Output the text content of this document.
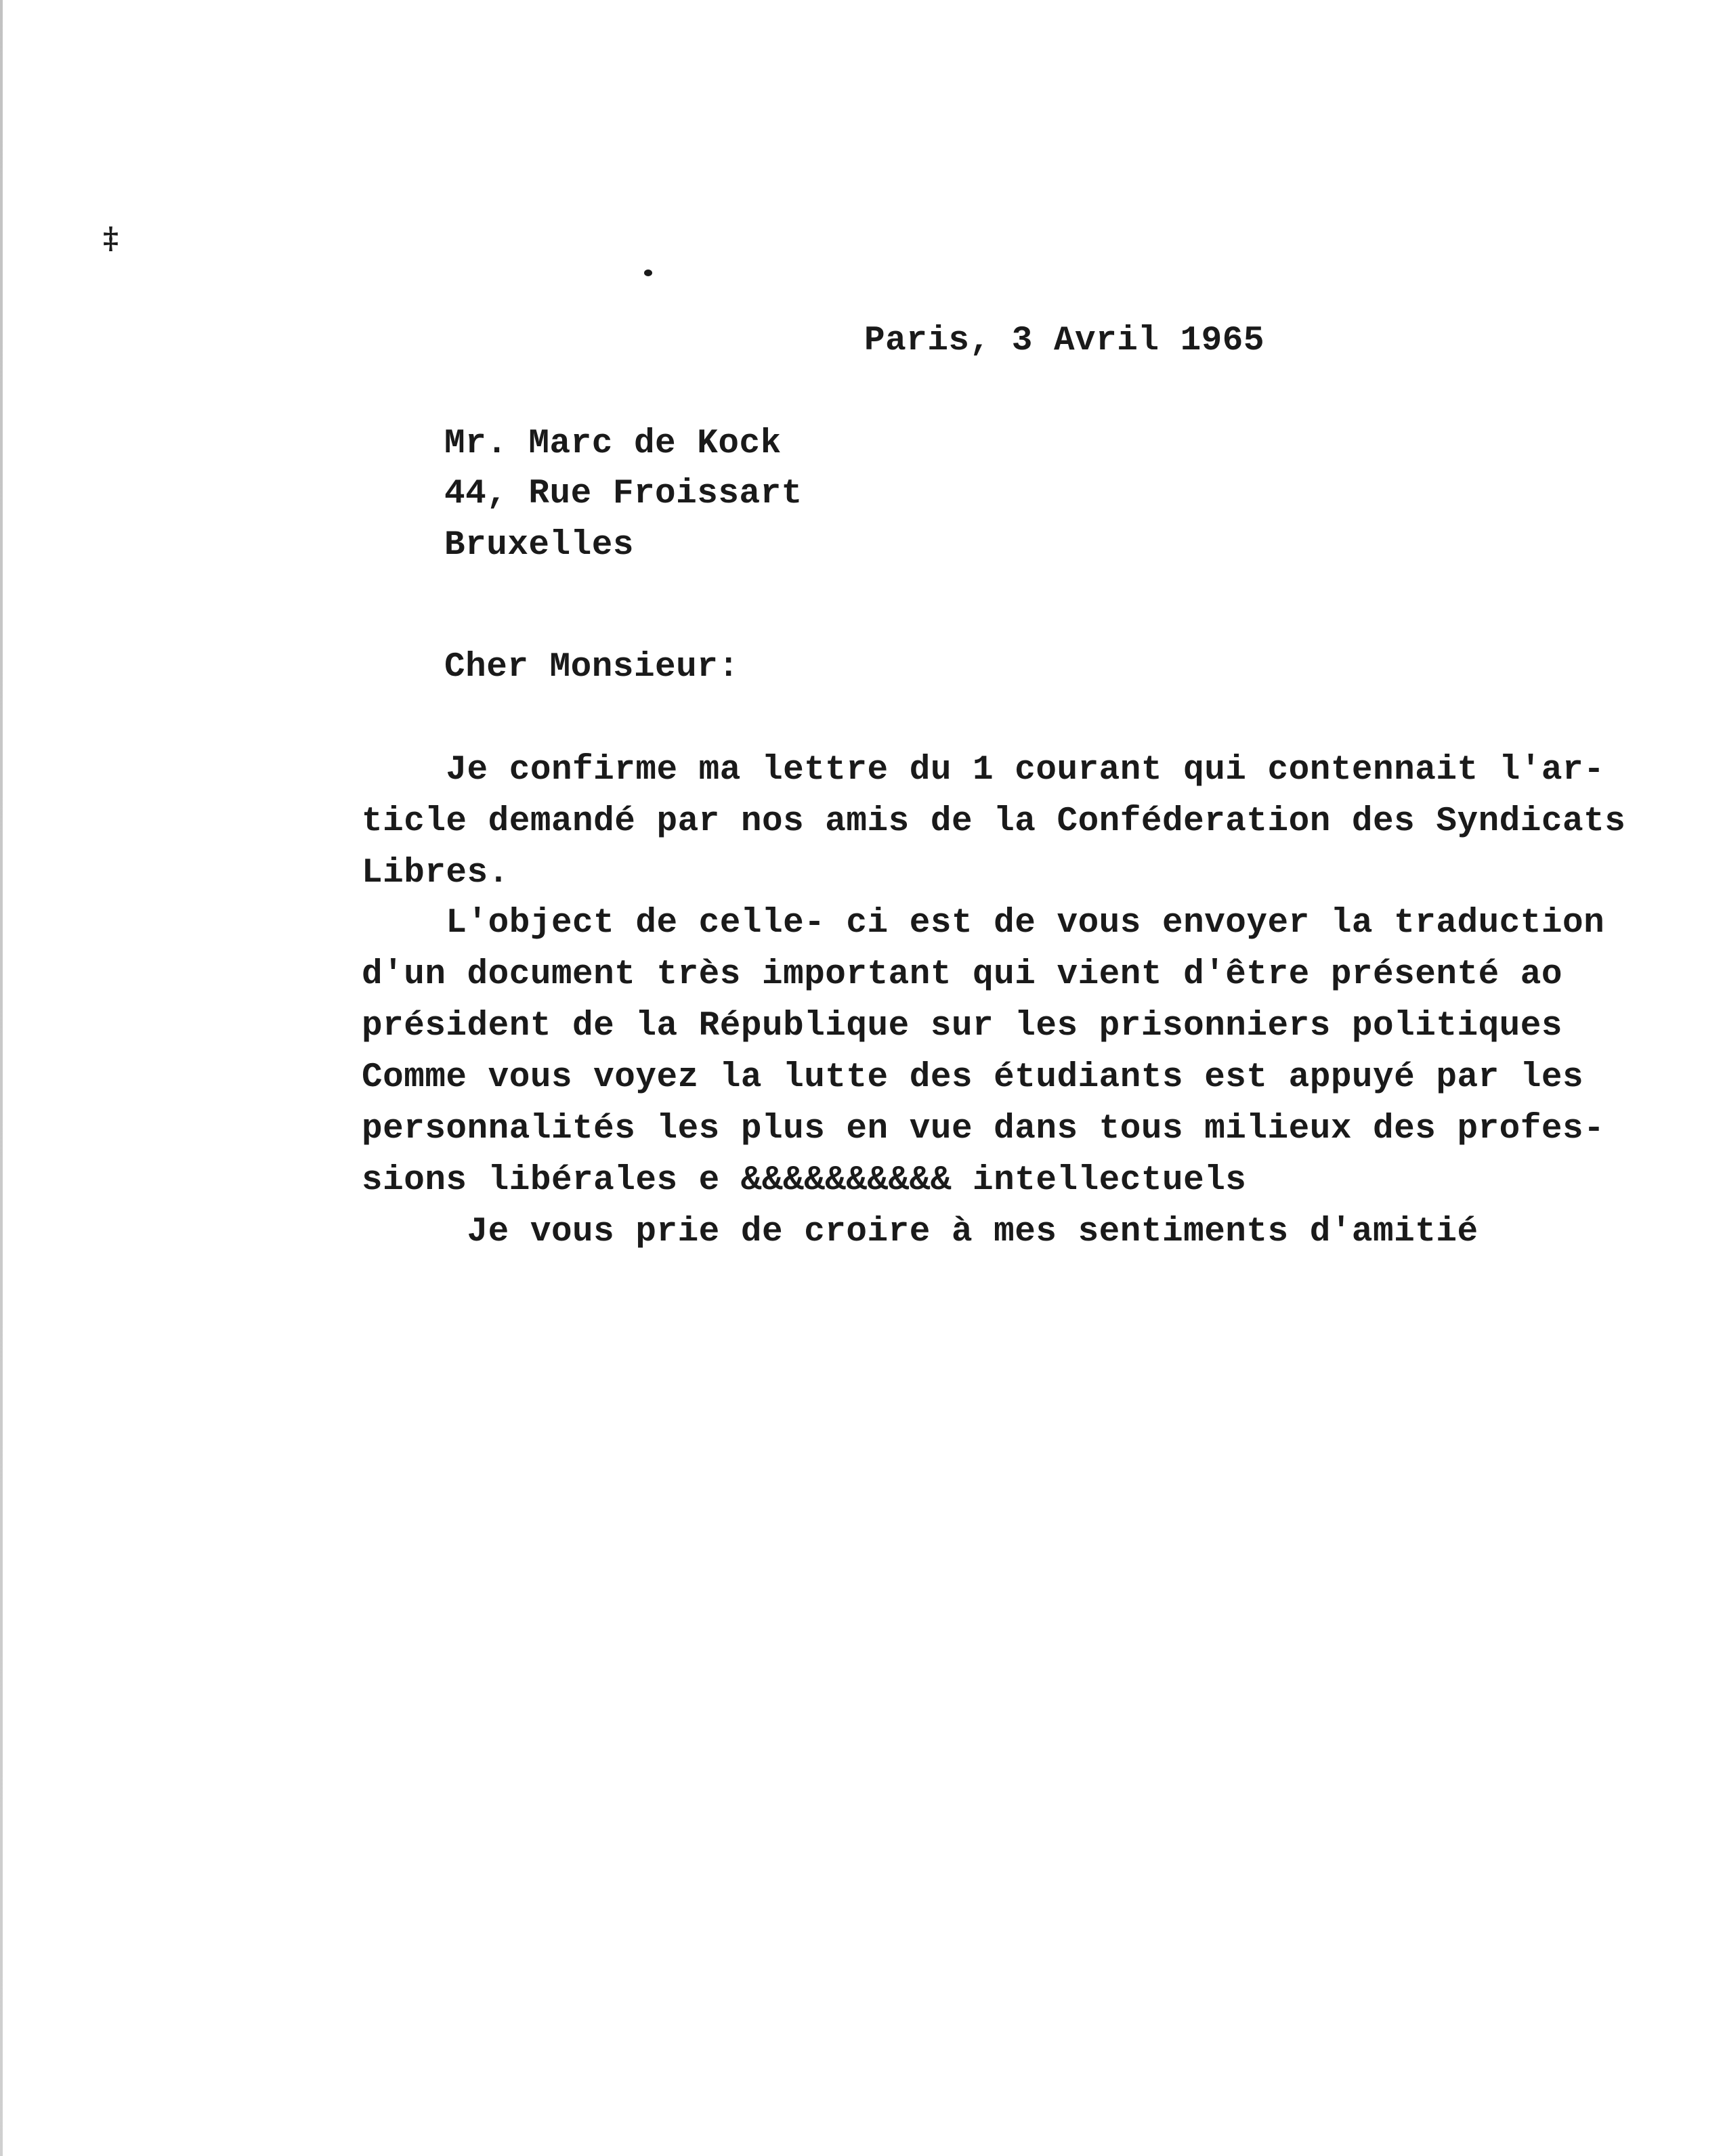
‡
Paris, 3 Avril 1965
Mr. Marc de Kock
44, Rue Froissart
Bruxelles
Cher Monsieur:
Je confirme ma lettre du 1 courant qui contennait l'ar-
ticle demandé par nos amis de la Conféderation des Syndicats
Libres.
L'object de celle- ci est de vous envoyer la traduction
d'un document très important qui vient d'être présenté ao
président de la République sur les prisonniers politiques
Comme vous voyez la lutte des étudiants est appuyé par les
personnalités les plus en vue dans tous milieux des profes-
sions libérales e &&&&&&&&&& intellectuels
Je vous prie de croire à mes sentiments d'amitié
